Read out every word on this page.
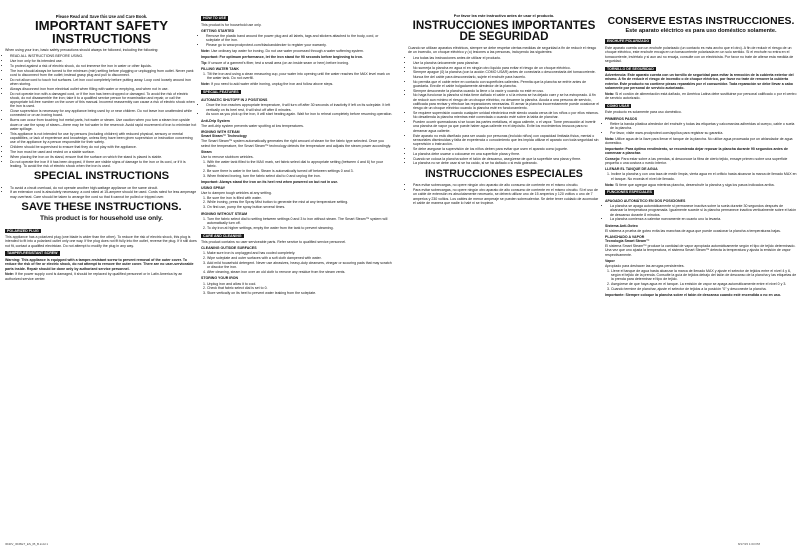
Please Read and Save this Use and Care Book.
IMPORTANT SAFETY INSTRUCTIONS

When using your iron, basic safety precautions should always be followed, including the following:

• READ ALL INSTRUCTIONS BEFORE USING.
• Use iron only for its intended use.
• To protect against a risk of electric shock, do not immerse the iron in water or other liquids.
• The iron should always be turned to the minimum (min) setting before plugging or unplugging from outlet. Never yank cord to disconnect from the outlet; instead grasp plug and pull to disconnect.
• Do not allow cord to touch hot surfaces. Let iron cool completely before putting away. Loop cord loosely around iron when storing.
• Always disconnect iron from electrical outlet when filling with water or emptying, and when not in use.
• Do not operate iron with a damaged cord, or if the iron has been dropped or damaged. To avoid the risk of electric shock, do not disassemble the iron; take it to a qualified service person for examination and repair, or call the appropriate toll-free number on the cover of this manual. Incorrect reassembly can cause a risk of electric shock when the iron is used.
• Close supervision is necessary for any appliance being used by or near children. Do not leave iron unattended while connected or on an ironing board.
• Burns can occur from touching hot metal parts, hot water or steam. Use caution when you turn a steam iron upside down or use the spray of steam—there may be hot water in the reservoir. Avoid rapid movement of iron to minimize hot water spillage.
• This appliance is not intended for use by persons (including children) with reduced physical, sensory or mental capabilities, or lack of experience and knowledge, unless they have been given supervision or instruction concerning use of the appliance by a person responsible for their safety.
• Children should be supervised to ensure that they do not play with the appliance.
• The iron must be used and rested on a stable surface.
• When placing the iron on its stand, ensure that the surface on which the stand is placed is stable.
• Do not operate the iron if it has been dropped, if there are visible signs of damage to the iron or its cord, or if it is leaking. To avoid the risk of electric shock when the iron is used.
SPECIAL INSTRUCTIONS
• To avoid a circuit overload, do not operate another high-wattage appliance on the same circuit.
• If an extension cord is absolutely necessary, a cord rated at 15-ampere should be used. Cords rated for less amperage may overheat. Care should be taken to arrange the cord so that it cannot be pulled or tripped over.
SAVE THESE INSTRUCTIONS.
This product is for household use only.
POLARIZED PLUG

This appliance has a polarized plug (one blade is wider than the other). To reduce the risk of electric shock, this plug is intended to fit into a polarized outlet only one way. If the plug does not fit fully into the outlet, reverse the plug. If it still does not fit, contact a qualified electrician. Do not attempt to modify the plug in any way.

TAMPER-RESISTANT SCREW

Warning: This appliance is equipped with a tamper-resistant screw to prevent removal of the outer cover. To reduce the risk of fire or electric shock, do not attempt to remove the outer cover. There are no user-serviceable parts inside. Repair should be done only by authorized service personnel.

Note: If the power supply cord is damaged, it should be replaced by qualified personnel or in Latin America by an authorized service center.

HOW TO USE

This product is for household use only.

GETTING STARTED
• Remove the plastic band around the power plug and all labels, tags and stickers attached to the body, cord, or soleplate of the iron.
• Please go to www.prodprotect.com/blackanddecker to register your warranty.

Note: Use ordinary tap water for ironing. Do not use water processed through a water softening system.

Important: For optimum performance, let the iron stand for 90 seconds before beginning to iron.

Tip: If unsure of a garment's fiber, test a small area (on an inside seam or hem) before ironing.

FILLING WATER TANK
1. Tilt the iron and using a clean measuring cup, pour water into opening until the water reaches the MAX level mark on the water tank. Do not overfill.

Note: If you need to add water while ironing, unplug the iron and follow above steps.

SPECIAL FEATURES
AUTOMATIC SHUTOFF IN 2 POSITIONS
• Once the iron reaches appropriate temperature, it will turn off after 30 seconds of inactivity if left on its soleplate. It left vertically on its heel rest, it will shut off after 8 minutes.
• As soon as you pick up the iron, it will start heating again. Wait for iron to reheat completely before resuming operation.
Anti-Drip System

The anti-drip system prevents water spotting at low temperatures.

IRONING WITH STEAM
Smart Steam™ Technology

The Smart Steam™ system automatically generates the right amount of steam for the fabric type selected. Once you select the temperature, the Smart Steam™ technology detects the temperature and adjusts the steam power accordingly.

Steam

Use to remove stubborn wrinkles.

1. With the water tank filled to the MAX mark, set fabric select dial to appropriate setting (between 4 and 6) for your fabric.
2. Be sure there is water in the tank. Steam is automatically turned off between settings 0 and 3.
3. When finished ironing, turn the fabric select dial to 0 and unplug the iron.

Important: Always stand the iron on its heel rest when powered on but not in use.

USING SPRAY

Use to dampen tough wrinkles at any setting.

1. Be sure the iron is filled with water.
2. While ironing, press the Spray Mist button to generate the mist at any temperature setting.
3. On first use, pump the spray button several times.
IRONING WITHOUT STEAM
1. Turn the fabric select dial to setting between settings 0 and 3 to iron without steam. The Smart Steam™ system will automatically turn off.
2. To dry iron at higher settings, empty the water from the tank to prevent steaming.
CARE AND CLEANING

This product contains no user serviceable parts. Refer service to qualified service personnel.

CLEANING OUTSIDE SURFACES
1. Make sure iron is unplugged and has cooled completely.
2. Wipe soleplate and outer surfaces with a soft cloth dampened with water.
3. Add mild household detergent. Never use abrasives, heavy-duty cleansers, vinegar or scouring pads that may scratch or discolor the iron.
4. After cleaning, steam iron over an old cloth to remove any residue from the steam vents.
STORING YOUR IRON
1. Unplug iron and allow it to cool.
2. Check that fabric select dial is set to 0.
3. Store vertically on its heel to prevent water leaking from the soleplate.
Por favor lea este instructivo antes de usar el producto.
INSTRUCCIONES IMPORTANTES DE SEGURIDAD

Cuando se utilizan aparatos eléctricos, siempre se debe respetar ciertas medidas de seguridad a fin de reducir el riesgo de un incendio, un choque eléctrico y (o) lesiones a las personas, incluyendo las siguientes:

• Lea todas las instrucciones antes de utilizar el producto.
• Use la plancha únicamente para planchar.
• No sumerja la plancha en agua ni en ningún otro líquido para evitar el riesgo de un choque eléctrico.
• Siempre apague (0) la plancha (con la acción COMO USAR) antes de conectarla o desconectarla del tomacorriente. Nunca tire del cable para desconectarlo, sujete el enchufe para hacerlo.
• No permita que el cable entre en contacto con superficies calientes. Permita que la plancha se enfríe antes de guardarla. Enrolle el cable holgadamente alrededor de la plancha.
• Siempre desconecte la plancha cuando la llene o la vacíe y cuando no esté en uso.
• No haga funcionar la plancha si ésta tiene dañado el cable o si la misma se ha dejado caer y se ha estropeado. A fin de reducir aun mínimo el riesgo de un choque eléctrico, no desarme la plancha. Acuda a una persona de servicio, calificada para revisar y efectuar las reparaciones necesarias. El armar la plancha incorrectamente puede ocasionar el riesgo de un choque eléctrico cuando la plancha esté en funcionamiento.
• Se requiere supervisión cuando cualquier unidad electrónica esté siendo usada cerca de los niños o por ellos mismos. No desatienda la plancha mientras esté conectada o cuando esté sobre la tabla de planchar.
• Pueden ocurrir quemaduras si se tocan las partes metálicas, el agua caliente, o el vapor. Tome precaución al invertir una plancha de vapor ya que puede haber agua caliente en el depósito. Evite los movimientos bruscos para no derramar agua caliente.
• Este aparato no está diseñado para ser usado por personas (incluido niños) con capacidad limitada física, mental o sensoriales disminuidas y falta de experiencia o conocimiento que les impida utilizar el aparato con toda seguridad sin supervisión o instrucción.
• Se debe asegurar la supervisión de los niños deben para evitar que usen el aparato como juguete.
• La plancha debe usarse o colocarse en una superficie plana y firme.
• Cuando se coloca la plancha sobre el talón de descanso, asegúrese de que la superficie sea plana y firme.
• La plancha no se debe usar si se ha caído, si se ha dañado o si está goteando.
INSTRUCCIONES ESPECIALES
• Para evitar sobrecargas, no opere ningún otro aparato de alto consumo de corriente en el mismo circuito.
• Para evitar sobrecargas, no opere ningún otro aparato de alto consumo de corriente en el mismo circuito. Si el uso de un cable de extensión es absolutamente necesario, se deberá utilizar uno de 15 amperios y 120 voltios o uno de 7 amperios y 230 voltios. Los cables de menor amperaje se pueden sobrecalentar. Se debe tener cuidado de acomodar el cable de manera que nadie lo halé ni se tropiece.
CONSERVE ESTAS INSTRUCCIONES.
Este aparato eléctrico es para uso doméstico solamente.
ENCHUFE POLARIZADO

Este aparato cuenta con un enchufe polarizado (un contacto es más ancho que el otro). A fin de reducir el riesgo de un choque eléctrico, este enchufe encaja en un tomacorriente polarizada en un solo sentido. Si el enchufe no entra en el tomacorriente, inviértalo y si aun así no encaja, consulte con un electricista. Por favor no trate de alterar esta medida de seguridad.

TORNILLO DE SEGURIDAD

Advertencia: Este aparato cuenta con un tornillo de seguridad para evitar la remoción de la cubierta exterior del mismo. A fin de reducir el riesgo de incendio o de choque eléctrico, por favor no trate de remover la cubierta exterior. Este producto no contiene piezas reparables por el consumidor. Toda reparación se debe llevar a cabo solamente por personal de servicio autorizado.

Nota: Si el cordón de alimentación está dañado, en América Latina debe sustituirse por personal calificado o por el centro de servicio autorizado.

COMO USAR

Este producto es solamente para uso doméstico.

PRIMEROS PASOS
• Retire la banda plástica alrededor del enchufe y todas las etiquetas y calcomanías adheridas al cuerpo, cable o suela de la plancha.
• Por favor, visite www.prodprotect.com/applica para registrar su garantía.

Nota: Utilice agua de la llave para llenar el tanque de la plancha. No utilice agua procesada por un ablandador de agua domestico.

Importante: Para óptimo rendimiento, se recomienda dejar reposar la plancha durante 90 segundos antes de comenzar a planchar.

Consejo: Para estar sobre a las prendas, si desconoce la fibra de cierto tejido, ensaye primero sobre una superficie pequeña o una costura o ruedo interior.

LLENAR EL TANQUE DE AGUA
1. Incline la plancha y con una taza de medir limpia, vierta agua en el orificio hasta alcanzar la marca de llenado MAX en el tanque. No exceda el nivel de llenado.

Nota: Si tiene que agregar agua mientras plancha, desenchufe la plancha y siga los pasos indicados arriba.

FUNCIONES ESPECIALES
APAGADO AUTOMÁTICO EN DOS POSICIONES
• La plancha se apaga automáticamente si permanece inactiva sobre la suela durante 30 segundos después de alcanzar la temperatura programada. Igualmente sucede si la plancha permanece inactiva verticalmente sobre el talón de descanso durante 8 minutos.
• La plancha comienza a calentar nuevamente en cuanto uno la levanta.
Sistema Anti-Goteo

El sistema a prueba de goteo evita las manchas de agua que puede ocasionar la plancha a temperaturas bajas.

PLANCHADO A VAPOR
Tecnología Smart Steam™

El sistema Smart Steam™ produce la cantidad de vapor apropiada automáticamente según el tipo de tejido determinado. Una vez que uno ajusta la temperatura, el sistema Smart Steam™ detecta la temperatura y ajusta la emisión de vapor respectivamente.

Vapor

Apropiado para deshacer las arrugas persistentes.

1. Llene el tanque de agua hasta alcanzar la marca de llenado MAX y ajuste el selector de tejidos entre el nivel 4 y 6, según el tejido de la prenda. Consulte la guía de tejidos debajo del talón de descanso de la plancha y las etiquetas de la prenda para determinar el tipo de tejido.
2. Asegúrese de que haya agua en el tanque. La emisión de vapor se apaga automáticamente entre el nivel 0 y 3.
3. Cuando termine de planchar, ajuste el selector de tejidos a la posición "0" y desconecte la plancha.

Importante: Siempre coloque la plancha sobre el talón de descanso cuando esté encendida o no en uso.

IR40V_IR45ET_ES_IB_B.indd 1	8/17/15 1:03 PM
